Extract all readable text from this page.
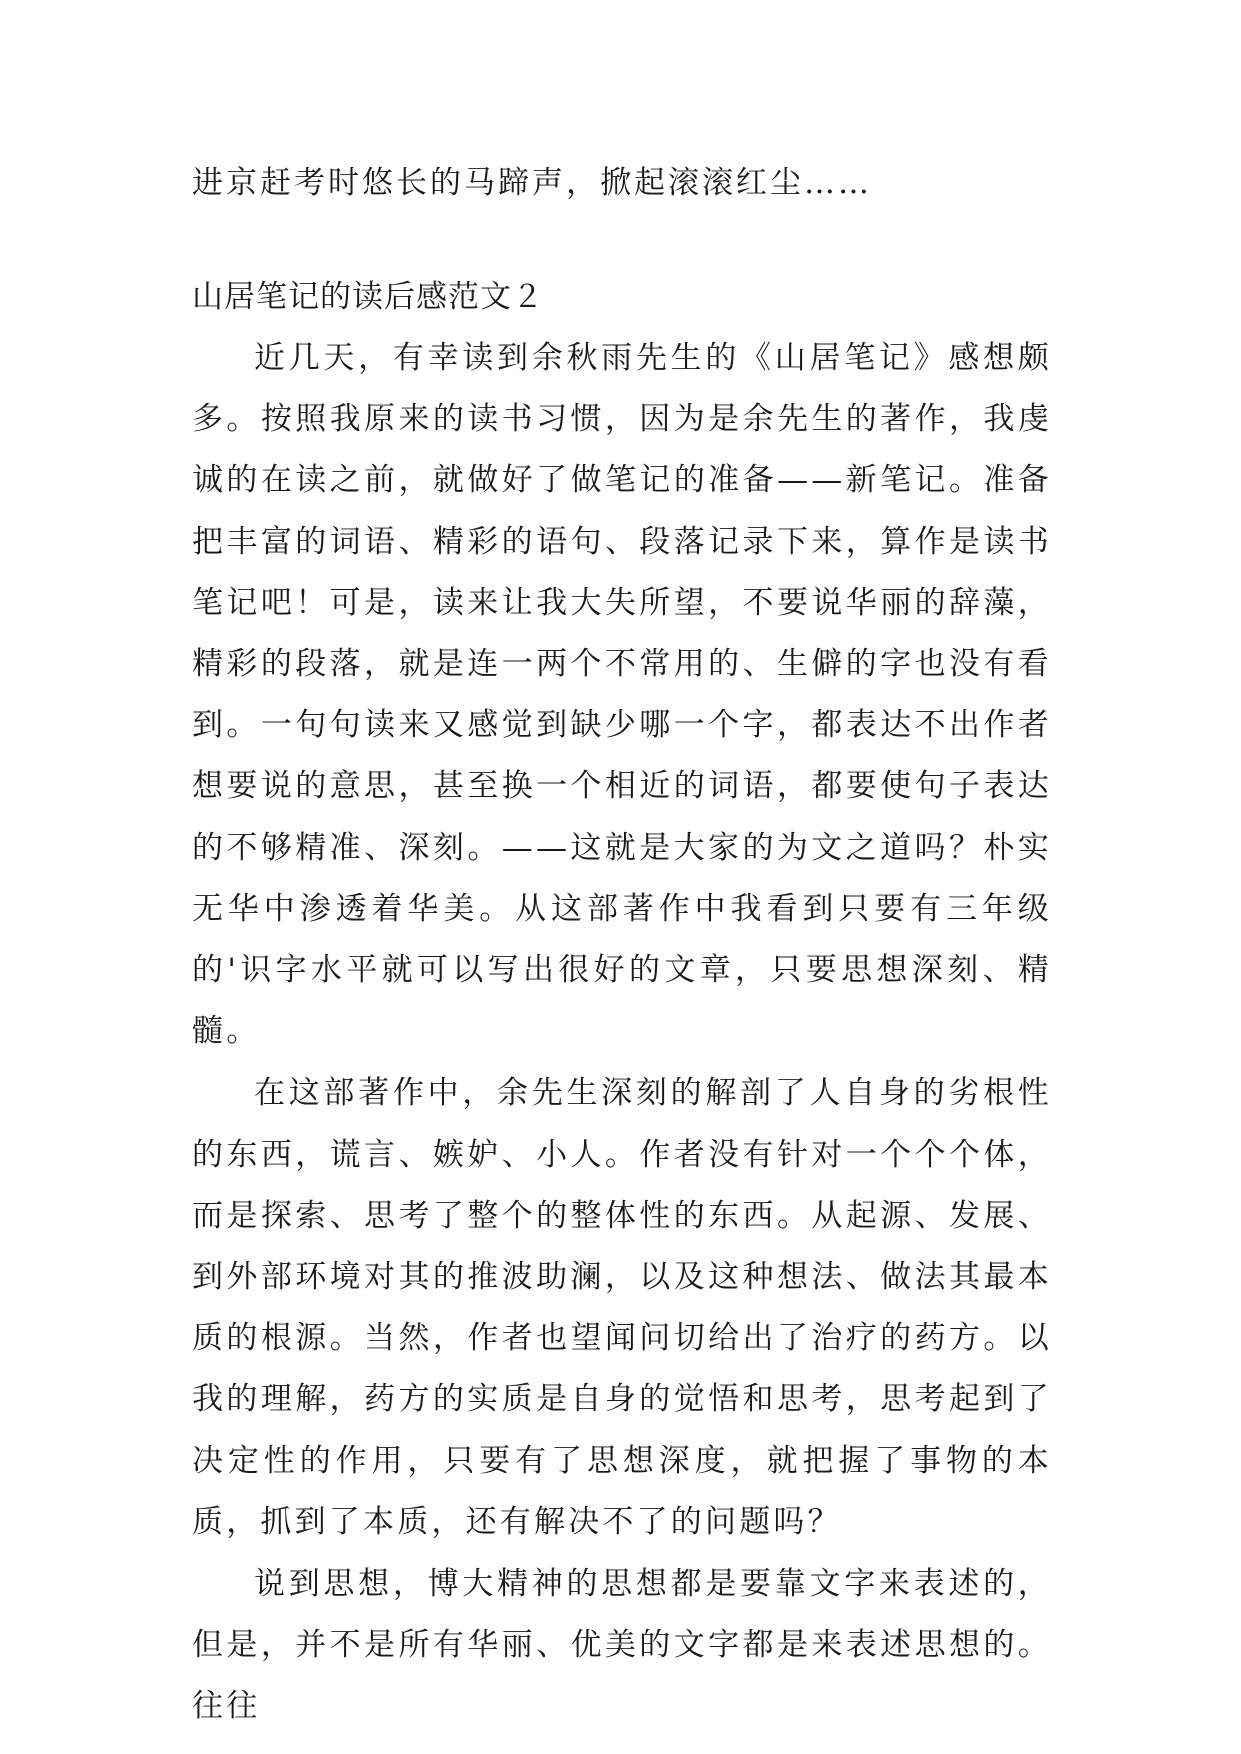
进京赶考时悠长的马蹄声，掀起滚滚红尘……

山居笔记的读后感范文２

近几天，有幸读到余秋雨先生的《山居笔记》感想颇多。按照我原来的读书习惯，因为是余先生的著作，我虔诚的在读之前，就做好了做笔记的准备——新笔记。准备把丰富的词语、精彩的语句、段落记录下来，算作是读书笔记吧！可是，读来让我大失所望，不要说华丽的辞藻，精彩的段落，就是连一两个不常用的、生僻的字也没有看到。一句句读来又感觉到缺少哪一个字，都表达不出作者想要说的意思，甚至换一个相近的词语，都要使句子表达的不够精准、深刻。——这就是大家的为文之道吗？朴实无华中渗透着华美。从这部著作中我看到只要有三年级的'识字水平就可以写出很好的文章，只要思想深刻、精髓。

在这部著作中，余先生深刻的解剖了人自身的劣根性的东西，谎言、嫉妒、小人。作者没有针对一个个个体，而是探索、思考了整个的整体性的东西。从起源、发展、到外部环境对其的推波助澜，以及这种想法、做法其最本质的根源。当然，作者也望闻问切给出了治疗的药方。以我的理解，药方的实质是自身的觉悟和思考，思考起到了决定性的作用，只要有了思想深度，就把握了事物的本质，抓到了本质，还有解决不了的问题吗？

说到思想，博大精神的思想都是要靠文字来表述的，但是，并不是所有华丽、优美的文字都是来表述思想的。往往
